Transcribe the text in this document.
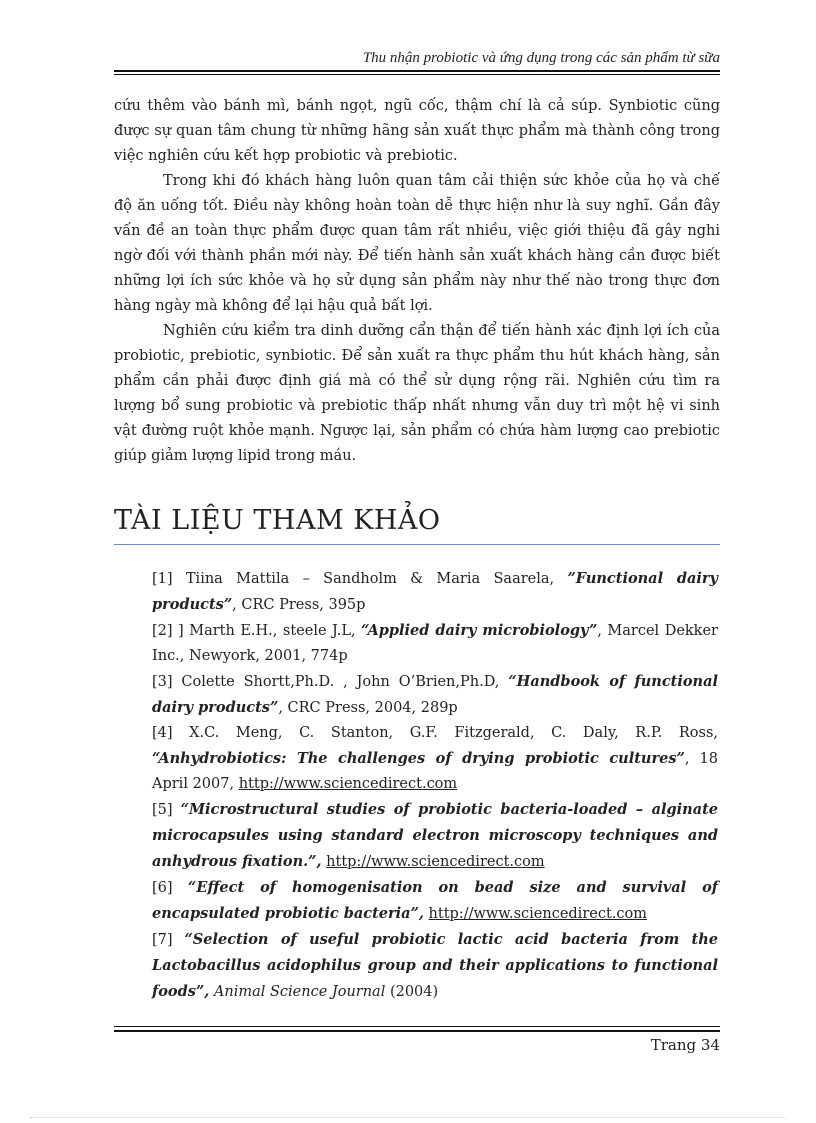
Thu nhận probiotic và ứng dụng trong các sản phẩm từ sữa

cứu thêm vào bánh mì, bánh ngọt, ngũ cốc, thậm chí là cả súp. Synbiotic cũng được sự quan tâm chung từ những hãng sản xuất thực phẩm mà thành công trong việc nghiên cứu kết hợp probiotic và prebiotic.

Trong khi đó khách hàng luôn quan tâm cải thiện sức khỏe của họ và chế độ ăn uống tốt. Điều này không hoàn toàn dễ thực hiện như là suy nghĩ. Gần đây vấn đề an toàn thực phẩm được quan tâm rất nhiều, việc giới thiệu đã gây nghi ngờ đối với thành phần mới này. Để tiến hành sản xuất khách hàng cần được biết những lợi ích sức khỏe và họ sử dụng sản phẩm này như thế nào trong thực đơn hàng ngày mà không để lại hậu quả bất lợi.

Nghiên cứu kiểm tra dinh dưỡng cẩn thận để tiến hành xác định lợi ích của probiotic, prebiotic, synbiotic. Để sản xuất ra thực phẩm thu hút khách hàng, sản phẩm cần phải được định giá mà có thể sử dụng rộng rãi. Nghiên cứu tìm ra lượng bổ sung probiotic và prebiotic thấp nhất nhưng vẫn duy trì một hệ vi sinh vật đường ruột khỏe mạnh. Ngược lại, sản phẩm có chứa hàm lượng cao prebiotic giúp giảm lượng lipid trong máu.

TÀI LIỆU THAM KHẢO

[1] Tiina Mattila – Sandholm & Maria Saarela, ”Functional dairy products”, CRC Press, 395p

[2] ] Marth E.H., steele J.L, “Applied dairy microbiology”, Marcel Dekker Inc., Newyork, 2001, 774p

[3] Colette Shortt,Ph.D. , John O’Brien,Ph.D, “Handbook of functional dairy products”, CRC Press, 2004, 289p

[4] X.C. Meng, C. Stanton, G.F. Fitzgerald, C. Daly, R.P. Ross, “Anhydrobiotics: The challenges of drying probiotic cultures”, 18 April 2007, http://www.sciencedirect.com

[5] “Microstructural studies of probiotic bacteria-loaded – alginate microcapsules using standard electron microscopy techniques and anhydrous fixation.”, http://www.sciencedirect.com

[6] “Effect of homogenisation on bead size and survival of encapsulated probiotic bacteria”, http://www.sciencedirect.com

[7] “Selection of useful probiotic lactic acid bacteria from the Lactobacillus acidophilus group and their applications to functional foods”, Animal Science Journal (2004)

Trang 34
